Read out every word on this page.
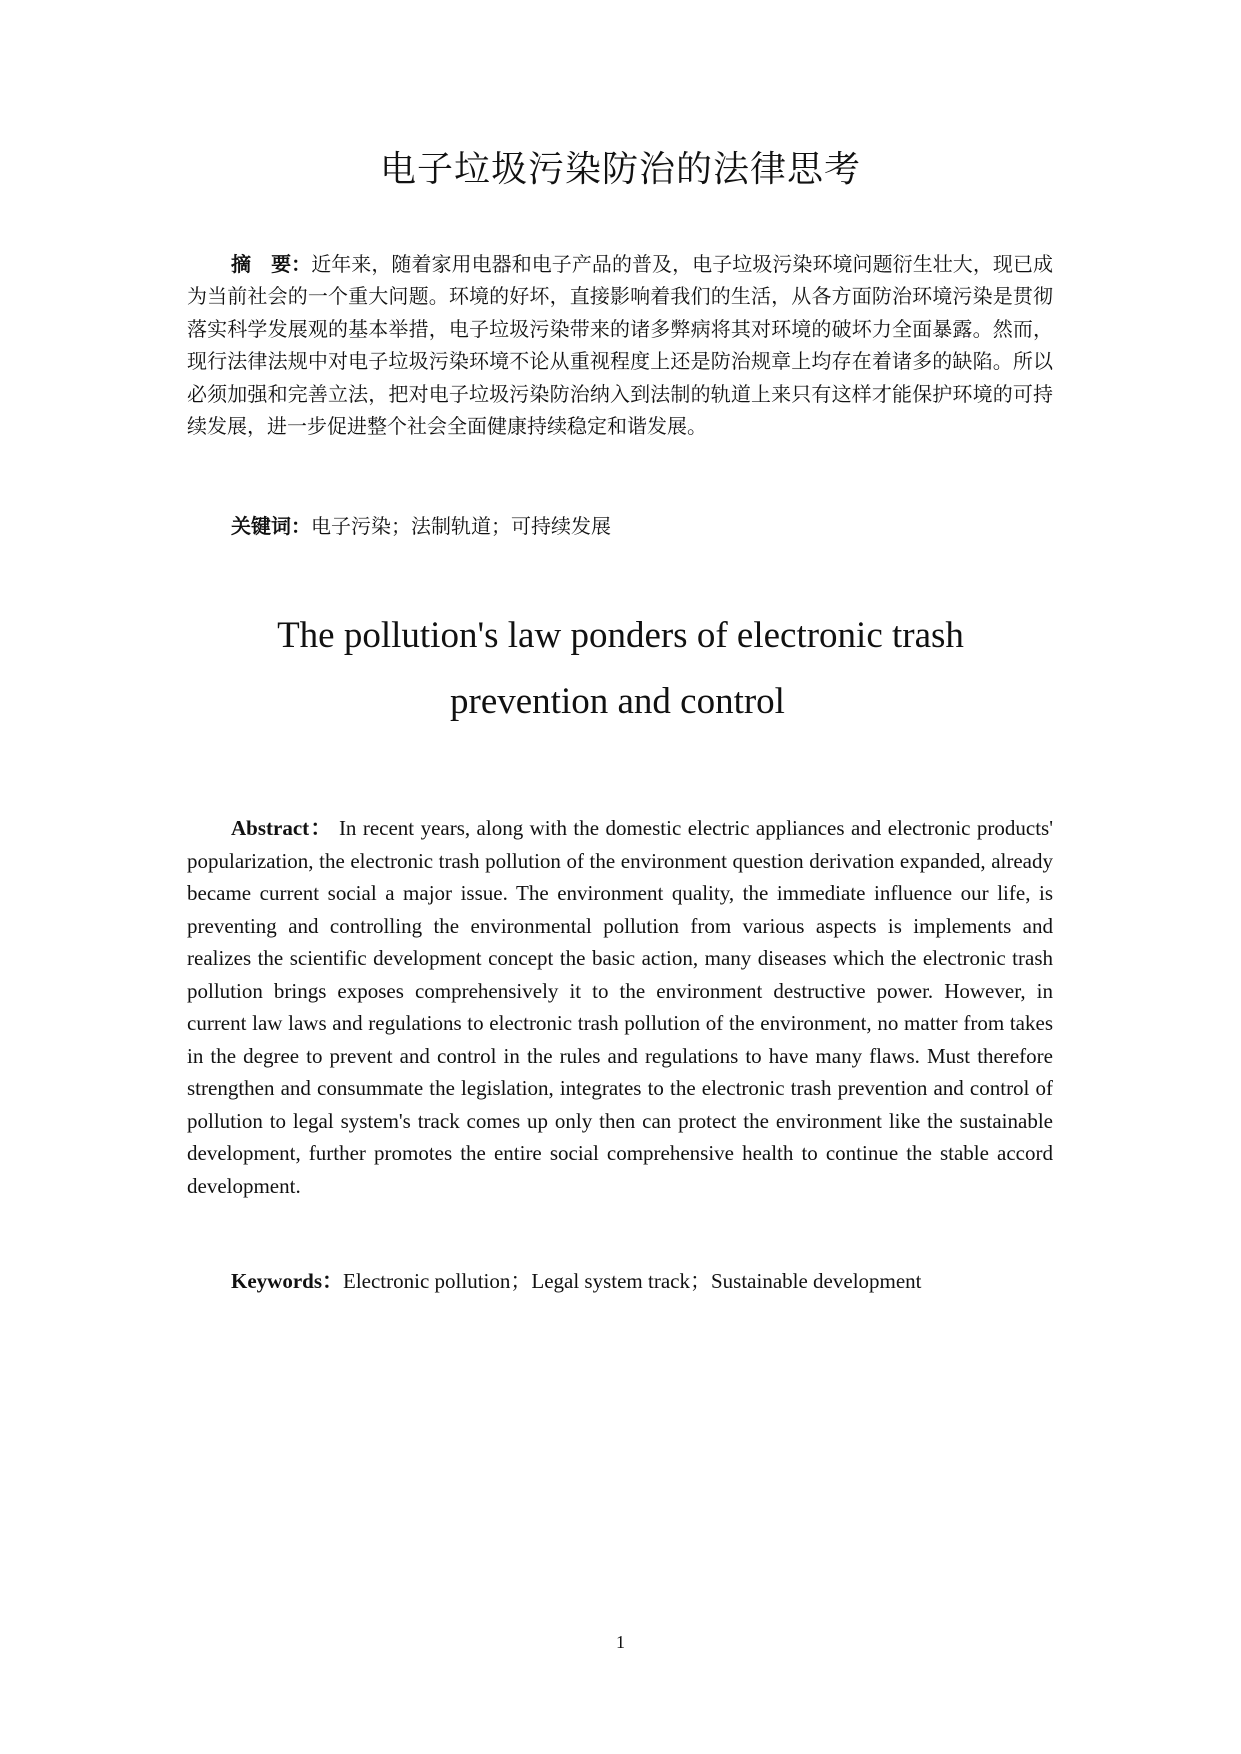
电子垃圾污染防治的法律思考

摘　要：近年来，随着家用电器和电子产品的普及，电子垃圾污染环境问题衍生壮大，现已成为当前社会的一个重大问题。环境的好坏，直接影响着我们的生活，从各方面防治环境污染是贯彻落实科学发展观的基本举措，电子垃圾污染带来的诸多弊病将其对环境的破坏力全面暴露。然而，现行法律法规中对电子垃圾污染环境不论从重视程度上还是防治规章上均存在着诸多的缺陷。所以必须加强和完善立法，把对电子垃圾污染防治纳入到法制的轨道上来只有这样才能保护环境的可持续发展，进一步促进整个社会全面健康持续稳定和谐发展。

关键词：电子污染；法制轨道；可持续发展

The pollution's law ponders of electronic trash
prevention and control

Abstract： In recent years, along with the domestic electric appliances and electronic products' popularization, the electronic trash pollution of the environment question derivation expanded, already became current social a major issue. The environment quality, the immediate influence our life, is preventing and controlling the environmental pollution from various aspects is implements and realizes the scientific development concept the basic action, many diseases which the electronic trash pollution brings exposes comprehensively it to the environment destructive power. However, in current law laws and regulations to electronic trash pollution of the environment, no matter from takes in the degree to prevent and control in the rules and regulations to have many flaws. Must therefore strengthen and consummate the legislation, integrates to the electronic trash prevention and control of pollution to legal system's track comes up only then can protect the environment like the sustainable development, further promotes the entire social comprehensive health to continue the stable accord development.

Keywords：Electronic pollution；Legal system track；Sustainable development

1
